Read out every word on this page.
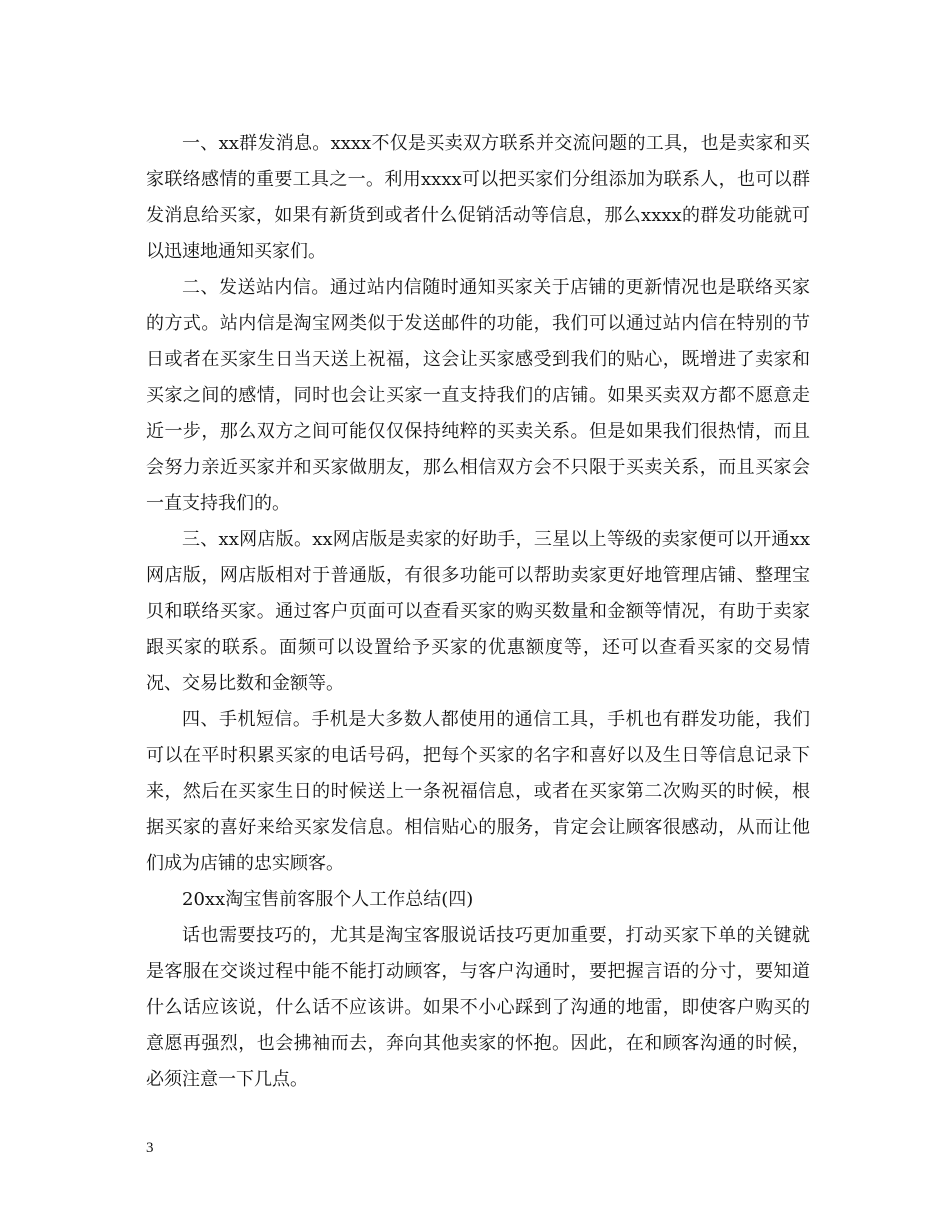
一、xx群发消息。xxxx不仅是买卖双方联系并交流问题的工具，也是卖家和买家联络感情的重要工具之一。利用xxxx可以把买家们分组添加为联系人，也可以群发消息给买家，如果有新货到或者什么促销活动等信息，那么xxxx的群发功能就可以迅速地通知买家们。

二、发送站内信。通过站内信随时通知买家关于店铺的更新情况也是联络买家的方式。站内信是淘宝网类似于发送邮件的功能，我们可以通过站内信在特别的节日或者在买家生日当天送上祝福，这会让买家感受到我们的贴心，既增进了卖家和买家之间的感情，同时也会让买家一直支持我们的店铺。如果买卖双方都不愿意走近一步，那么双方之间可能仅仅保持纯粹的买卖关系。但是如果我们很热情，而且会努力亲近买家并和买家做朋友，那么相信双方会不只限于买卖关系，而且买家会一直支持我们的。

三、xx网店版。xx网店版是卖家的好助手，三星以上等级的卖家便可以开通xx网店版，网店版相对于普通版，有很多功能可以帮助卖家更好地管理店铺、整理宝贝和联络买家。通过客户页面可以查看买家的购买数量和金额等情况，有助于卖家跟买家的联系。面频可以设置给予买家的优惠额度等，还可以查看买家的交易情况、交易比数和金额等。

四、手机短信。手机是大多数人都使用的通信工具，手机也有群发功能，我们可以在平时积累买家的电话号码，把每个买家的名字和喜好以及生日等信息记录下来，然后在买家生日的时候送上一条祝福信息，或者在买家第二次购买的时候，根据买家的喜好来给买家发信息。相信贴心的服务，肯定会让顾客很感动，从而让他们成为店铺的忠实顾客。

20xx淘宝售前客服个人工作总结(四)

话也需要技巧的，尤其是淘宝客服说话技巧更加重要，打动买家下单的关键就是客服在交谈过程中能不能打动顾客，与客户沟通时，要把握言语的分寸，要知道什么话应该说，什么话不应该讲。如果不小心踩到了沟通的地雷，即使客户购买的意愿再强烈，也会拂袖而去，奔向其他卖家的怀抱。因此，在和顾客沟通的时候，必须注意一下几点。

3
